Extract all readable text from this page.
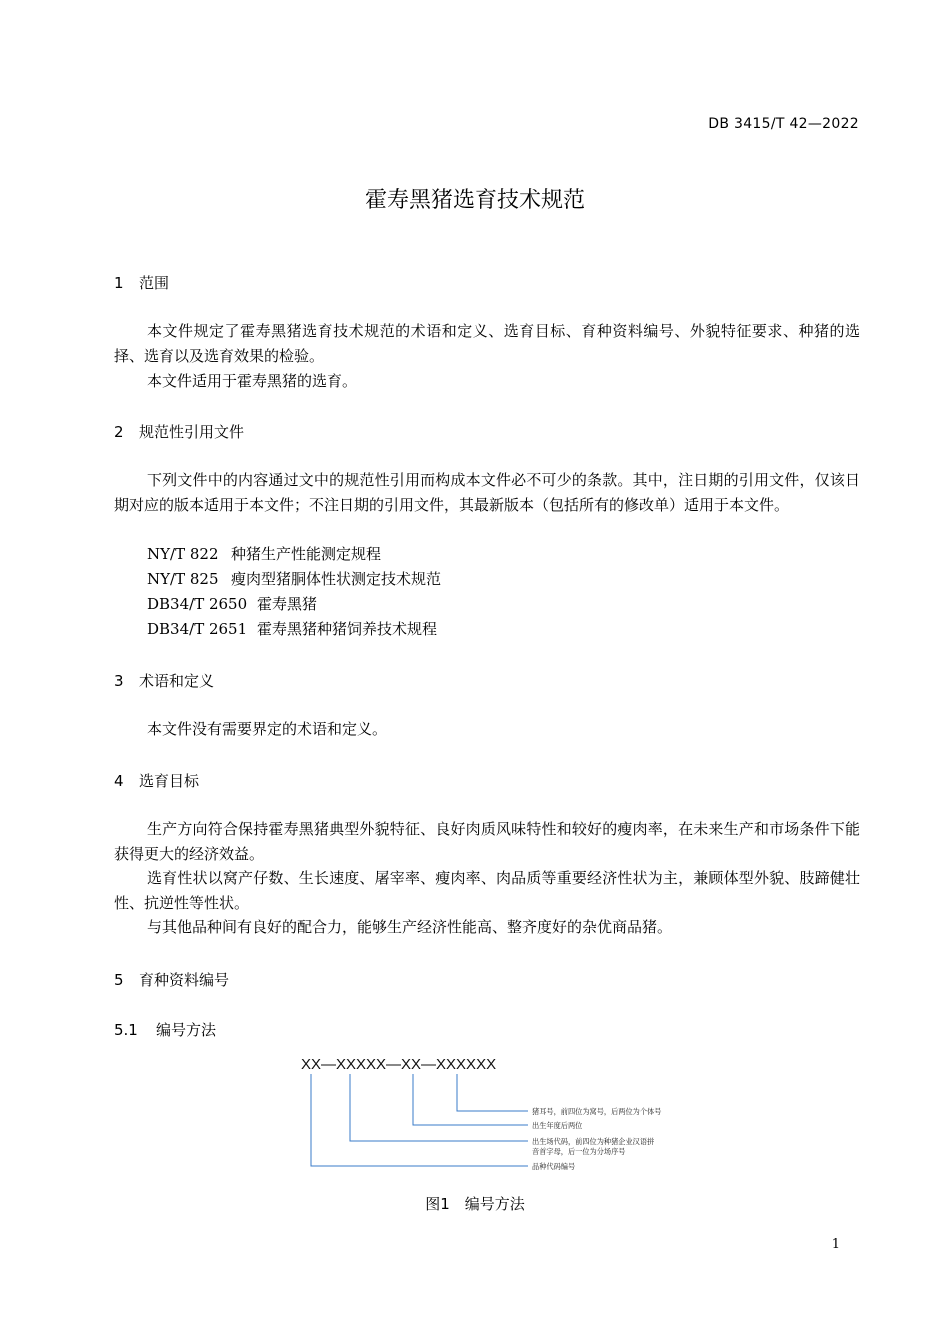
DB 3415/T 42—2022
霍寿黑猪选育技术规范
1 范围
本文件规定了霍寿黑猪选育技术规范的术语和定义、选育目标、育种资料编号、外貌特征要求、种猪的选择、选育以及选育效果的检验。
本文件适用于霍寿黑猪的选育。
2 规范性引用文件
下列文件中的内容通过文中的规范性引用而构成本文件必不可少的条款。其中，注日期的引用文件，仅该日期对应的版本适用于本文件；不注日期的引用文件，其最新版本（包括所有的修改单）适用于本文件。
NY/T 822 种猪生产性能测定规程
NY/T 825 瘦肉型猪胴体性状测定技术规范
DB34/T 2650 霍寿黑猪
DB34/T 2651 霍寿黑猪种猪饲养技术规程
3 术语和定义
本文件没有需要界定的术语和定义。
4 选育目标
生产方向符合保持霍寿黑猪典型外貌特征、良好肉质风味特性和较好的瘦肉率，在未来生产和市场条件下能获得更大的经济效益。
选育性状以窝产仔数、生长速度、屠宰率、瘦肉率、肉品质等重要经济性状为主，兼顾体型外貌、肢蹄健壮性、抗逆性等性状。
与其他品种间有良好的配合力，能够生产经济性能高、整齐度好的杂优商品猪。
5 育种资料编号
5.1 编号方法
XX—XXXXX—XX—XXXXXX
猪耳号，前四位为窝号，后两位为个体号
出生年度后两位
出生场代码，前四位为种猪企业汉语拼
音首字母，后一位为分场序号
品种代码编号
图1　编号方法
1
